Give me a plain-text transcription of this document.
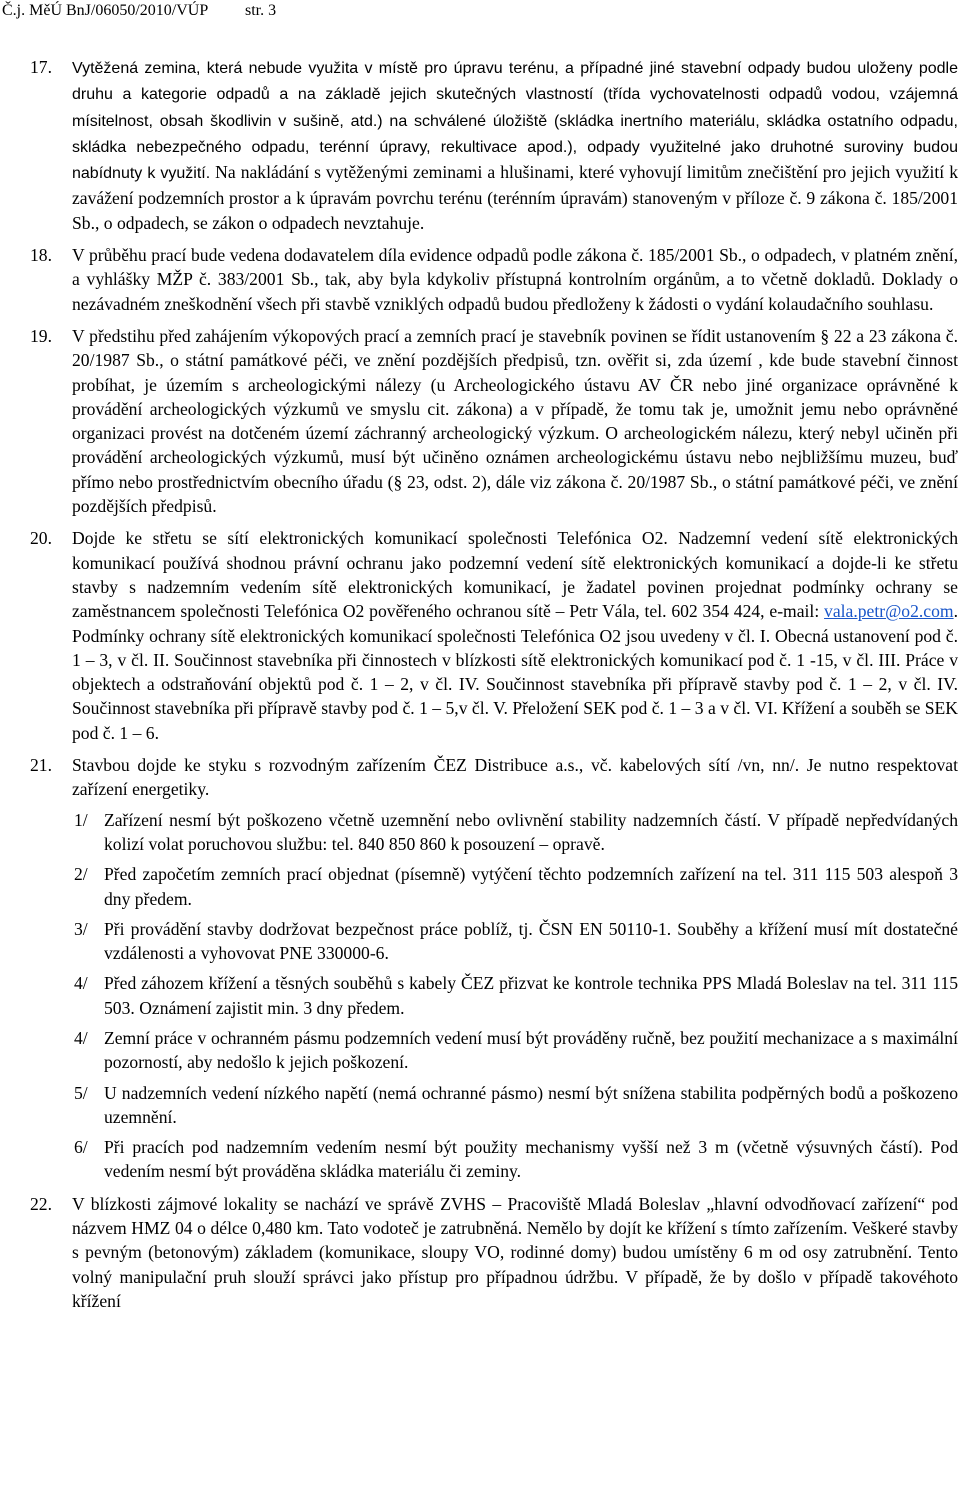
Č.j. MěÚ BnJ/06050/2010/VÚP str. 3
17.	Vytěžená zemina, která nebude využita v místě pro úpravu terénu, a případné jiné stavební odpady budou uloženy podle druhu a kategorie odpadů a na základě jejich skutečných vlastností (třída vychovatelnosti odpadů vodou, vzájemná mísitelnost, obsah škodlivin v sušině, atd.) na schválené úložiště (skládka inertního materiálu, skládka ostatního odpadu, skládka nebezpečného odpadu, terénní úpravy, rekultivace apod.), odpady využitelné jako druhotné suroviny budou nabídnuty k využití. Na nakládání s vytěženými zeminami a hlušinami, které vyhovují limitům znečištění pro jejich využití k zavážení podzemních prostor a k úpravám povrchu terénu (terénním úpravám) stanoveným v příloze č. 9 zákona č. 185/2001 Sb., o odpadech, se zákon o odpadech nevztahuje.
18.	V průběhu prací bude vedena dodavatelem díla evidence odpadů podle zákona č. 185/2001 Sb., o odpadech, v platném znění, a vyhlášky MŽP č. 383/2001 Sb., tak, aby byla kdykoliv přístupná kontrolním orgánům, a to včetně dokladů. Doklady o nezávadném zneškodnění všech při stavbě vzniklých odpadů budou předloženy k žádosti o vydání kolaudačního souhlasu.
19.	V předstihu před zahájením výkopových prací a zemních prací je stavebník povinen se řídit ustanovením § 22 a 23 zákona č. 20/1987 Sb., o státní památkové péči, ve znění pozdějších předpisů, tzn. ověřit si, zda území , kde bude stavební činnost probíhat, je územím s archeologickými nálezy (u Archeologického ústavu AV ČR nebo jiné organizace oprávněné k provádění archeologických výzkumů ve smyslu cit. zákona) a v případě, že tomu tak je, umožnit jemu nebo oprávněné organizaci provést na dotčeném území záchranný archeologický výzkum. O archeologickém nálezu, který nebyl učiněn při provádění archeologických výzkumů, musí být učiněno oznámen archeologickému ústavu nebo nejbližšímu muzeu, buď přímo nebo prostřednictvím obecního úřadu (§ 23, odst. 2), dále viz zákona č. 20/1987 Sb., o státní památkové péči, ve znění pozdějších předpisů.
20.	Dojde ke střetu se sítí elektronických komunikací společnosti Telefónica O2. Nadzemní vedení sítě elektronických komunikací používá shodnou právní ochranu jako podzemní vedení sítě elektronických komunikací a dojde-li ke střetu stavby s nadzemním vedením sítě elektronických komunikací, je žadatel povinen projednat podmínky ochrany se zaměstnancem společnosti Telefónica O2 pověřeného ochranou sítě – Petr Vála, tel. 602 354 424, e-mail: vala.petr@o2.com. Podmínky ochrany sítě elektronických komunikací společnosti Telefónica O2 jsou uvedeny v čl. I. Obecná ustanovení pod č. 1 – 3, v čl. II. Součinnost stavebníka při činnostech v blízkosti sítě elektronických komunikací pod č. 1 -15, v čl. III. Práce v objektech a odstraňování objektů pod č. 1 – 2, v čl. IV. Součinnost stavebníka při přípravě stavby pod č. 1 – 2, v čl. IV. Součinnost stavebníka při přípravě stavby pod č. 1 – 5,v čl. V. Přeložení SEK pod č. 1 – 3 a v čl. VI. Křížení a souběh se SEK pod č. 1 – 6.
21.	Stavbou dojde ke styku s rozvodným zařízením ČEZ Distribuce a.s., vč. kabelových sítí /vn, nn/. Je nutno respektovat zařízení energetiky.
1/ Zařízení nesmí být poškozeno včetně uzemnění nebo ovlivnění stability nadzemních částí. V případě nepředvídaných kolizí volat poruchovou službu: tel. 840 850 860 k posouzení – opravě.
2/ Před započetím zemních prací objednat (písemně) vytýčení těchto podzemních zařízení na tel. 311 115 503 alespoň 3 dny předem.
3/ Při provádění stavby dodržovat bezpečnost práce poblíž, tj. ČSN EN 50110-1. Souběhy a křížení musí mít dostatečné vzdálenosti a vyhovovat PNE 330000-6.
4/ Před záhozem křížení a těsných souběhů s kabely ČEZ přizvat ke kontrole technika PPS Mladá Boleslav na tel. 311 115 503. Oznámení zajistit min. 3 dny předem.
4/ Zemní práce v ochranném pásmu podzemních vedení musí být prováděny ručně, bez použití mechanizace a s maximální pozorností, aby nedošlo k jejich poškození.
5/ U nadzemních vedení nízkého napětí (nemá ochranné pásmo) nesmí být snížena stabilita podpěrných bodů a poškozeno uzemnění.
6/ Při pracích pod nadzemním vedením nesmí být použity mechanismy vyšší než 3 m (včetně výsuvných částí). Pod vedením nesmí být prováděna skládka materiálu či zeminy.
22.	V blízkosti zájmové lokality se nachází ve správě ZVHS – Pracoviště Mladá Boleslav „hlavní odvodňovací zařízení“ pod názvem HMZ 04 o délce 0,480 km. Tato vodoteč je zatrubněná. Nemělo by dojít ke křížení s tímto zařízením. Veškeré stavby s pevným (betonovým) základem (komunikace, sloupy VO, rodinné domy) budou umístěny 6 m od osy zatrubnění. Tento volný manipulační pruh slouží správci jako přístup pro případnou údržbu. V případě, že by došlo v případě takovéhoto křížení
